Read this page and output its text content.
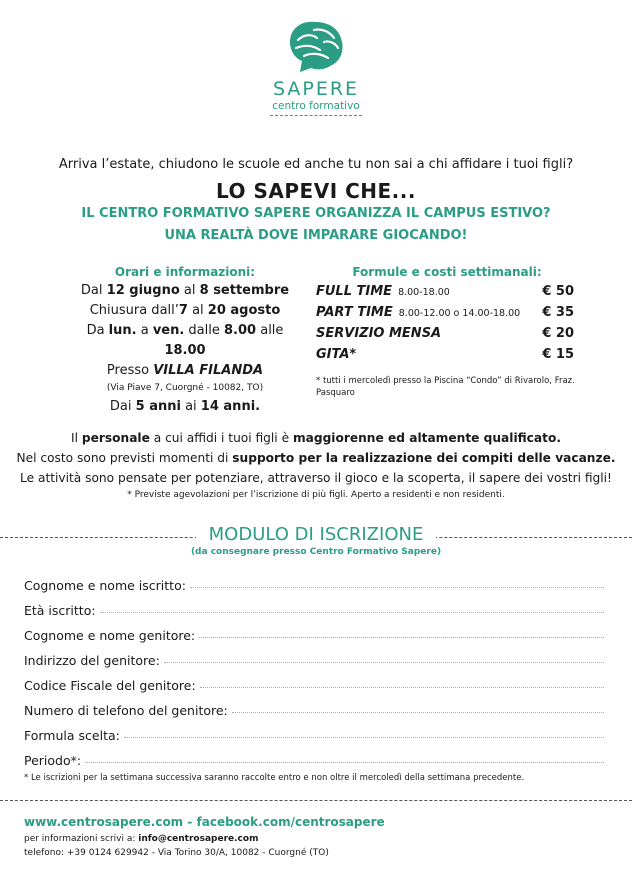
SAPERE
centro formativo
Arriva l’estate, chiudono le scuole ed anche tu non sai a chi affidare i tuoi figli?
LO SAPEVI CHE...
IL CENTRO FORMATIVO SAPERE ORGANIZZA IL CAMPUS ESTIVO?
UNA REALTÀ DOVE IMPARARE GIOCANDO!
Orari e informazioni:
Dal 12 giugno al 8 settembre
Chiusura dall’7 al 20 agosto
Da lun. a ven. dalle 8.00 alle 18.00
Presso VILLA FILANDA
(Via Piave 7, Cuorgné - 10082, TO)
Dai 5 anni ai 14 anni.
Formule e costi settimanali:
FULL TIME 8.00-18.00	€ 50
PART TIME 8.00-12.00 o 14.00-18.00 € 35
SERVIZIO MENSA	€ 20
GITA*	€ 15
* tutti i mercoledì presso la Piscina “Condo” di Rivarolo, Fraz. Pasquaro
Il personale a cui affidi i tuoi figli è maggiorenne ed altamente qualificato.
Nel costo sono previsti momenti di supporto per la realizzazione dei compiti delle vacanze.
Le attività sono pensate per potenziare, attraverso il gioco e la scoperta, il sapere dei vostri figli!
* Previste agevolazioni per l’iscrizione di più figli. Aperto a residenti e non residenti.
MODULO DI ISCRIZIONE
(da consegnare presso Centro Formativo Sapere)
Cognome e nome iscritto:
Età iscritto:
Cognome e nome genitore:
Indirizzo del genitore:
Codice Fiscale del genitore:
Numero di telefono del genitore:
Formula scelta:
Periodo*:
* Le iscrizioni per la settimana successiva saranno raccolte entro e non oltre il mercoledì della settimana precedente.
www.centrosapere.com - facebook.com/centrosapere
per informazioni scrivi a: info@centrosapere.com
telefono: +39 0124 629942 - Via Torino 30/A, 10082 - Cuorgné (TO)
